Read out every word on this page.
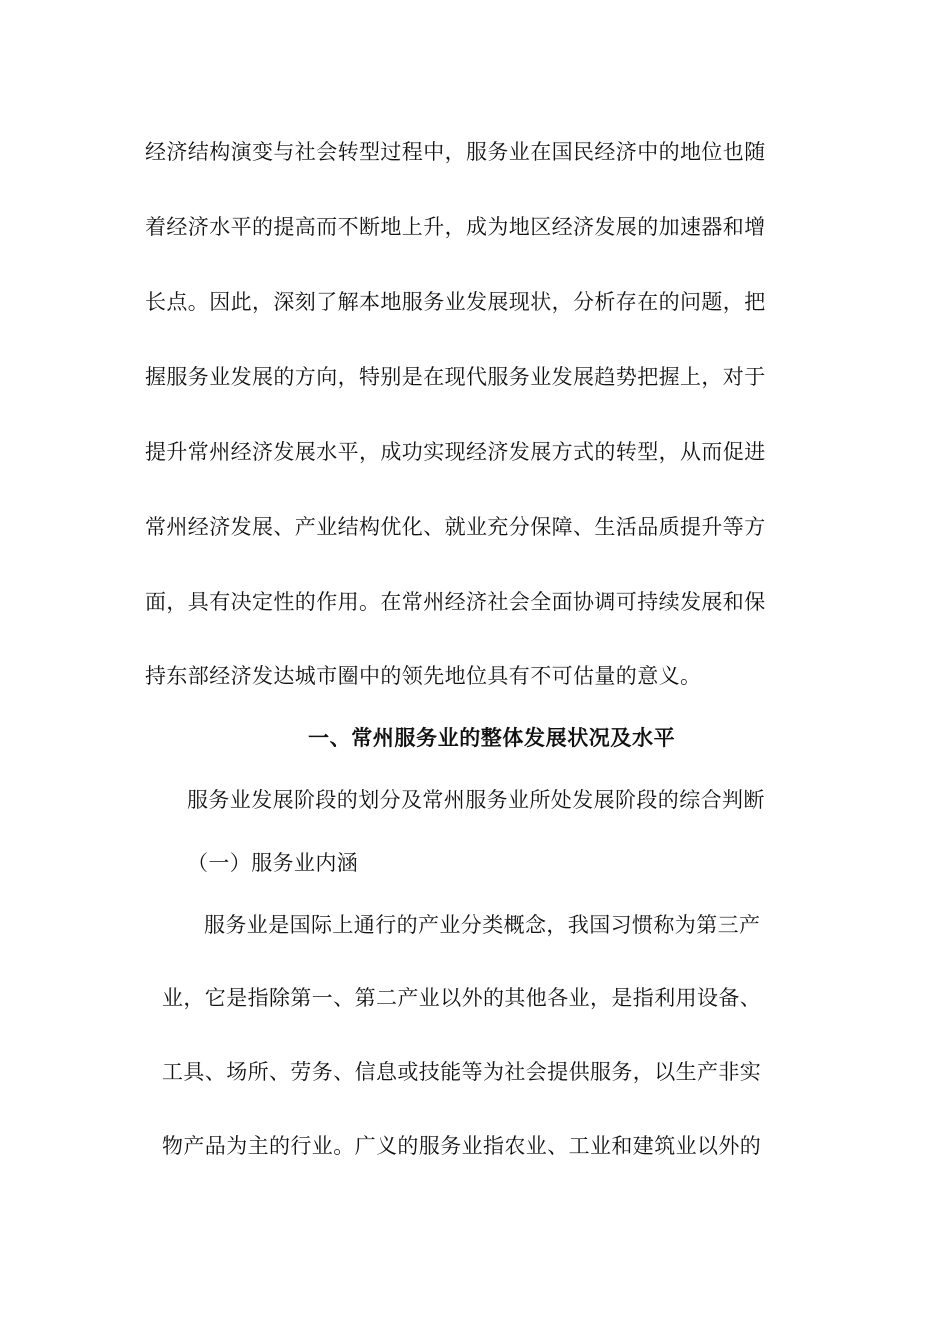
经济结构演变与社会转型过程中，服务业在国民经济中的地位也随
着经济水平的提高而不断地上升，成为地区经济发展的加速器和增
长点。因此，深刻了解本地服务业发展现状，分析存在的问题，把
握服务业发展的方向，特别是在现代服务业发展趋势把握上，对于
提升常州经济发展水平，成功实现经济发展方式的转型，从而促进
常州经济发展、产业结构优化、就业充分保障、生活品质提升等方
面，具有决定性的作用。在常州经济社会全面协调可持续发展和保
持东部经济发达城市圈中的领先地位具有不可估量的意义。
一、常州服务业的整体发展状况及水平
服务业发展阶段的划分及常州服务业所处发展阶段的综合判断
（一）服务业内涵
服务业是国际上通行的产业分类概念，我国习惯称为第三产
业，它是指除第一、第二产业以外的其他各业，是指利用设备、
工具、场所、劳务、信息或技能等为社会提供服务，以生产非实
物产品为主的行业。广义的服务业指农业、工业和建筑业以外的
